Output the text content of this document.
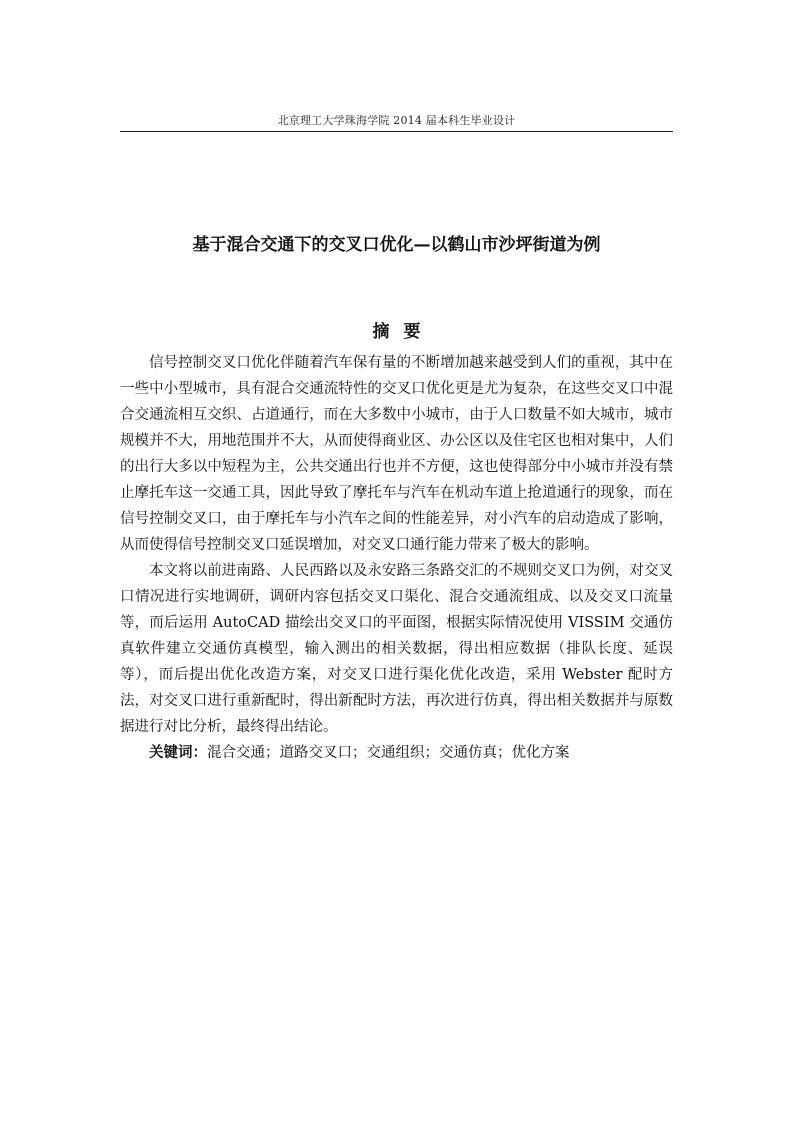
北京理工大学珠海学院 2014 届本科生毕业设计
基于混合交通下的交叉口优化—以鹤山市沙坪街道为例
摘要

信号控制交叉口优化伴随着汽车保有量的不断增加越来越受到人们的重视，其中在一些中小型城市，具有混合交通流特性的交叉口优化更是尤为复杂，在这些交叉口中混合交通流相互交织、占道通行，而在大多数中小城市，由于人口数量不如大城市，城市规模并不大，用地范围并不大，从而使得商业区、办公区以及住宅区也相对集中，人们的出行大多以中短程为主，公共交通出行也并不方便，这也使得部分中小城市并没有禁止摩托车这一交通工具，因此导致了摩托车与汽车在机动车道上抢道通行的现象，而在信号控制交叉口，由于摩托车与小汽车之间的性能差异，对小汽车的启动造成了影响，从而使得信号控制交叉口延误增加，对交叉口通行能力带来了极大的影响。

本文将以前进南路、人民西路以及永安路三条路交汇的不规则交叉口为例，对交叉口情况进行实地调研，调研内容包括交叉口渠化、混合交通流组成、以及交叉口流量等，而后运用 AutoCAD 描绘出交叉口的平面图，根据实际情况使用 VISSIM 交通仿真软件建立交通仿真模型，输入测出的相关数据，得出相应数据（排队长度、延误等），而后提出优化改造方案，对交叉口进行渠化优化改造，采用 Webster 配时方法，对交叉口进行重新配时，得出新配时方法，再次进行仿真，得出相关数据并与原数据进行对比分析，最终得出结论。

关键词：混合交通；道路交叉口；交通组织；交通仿真；优化方案
